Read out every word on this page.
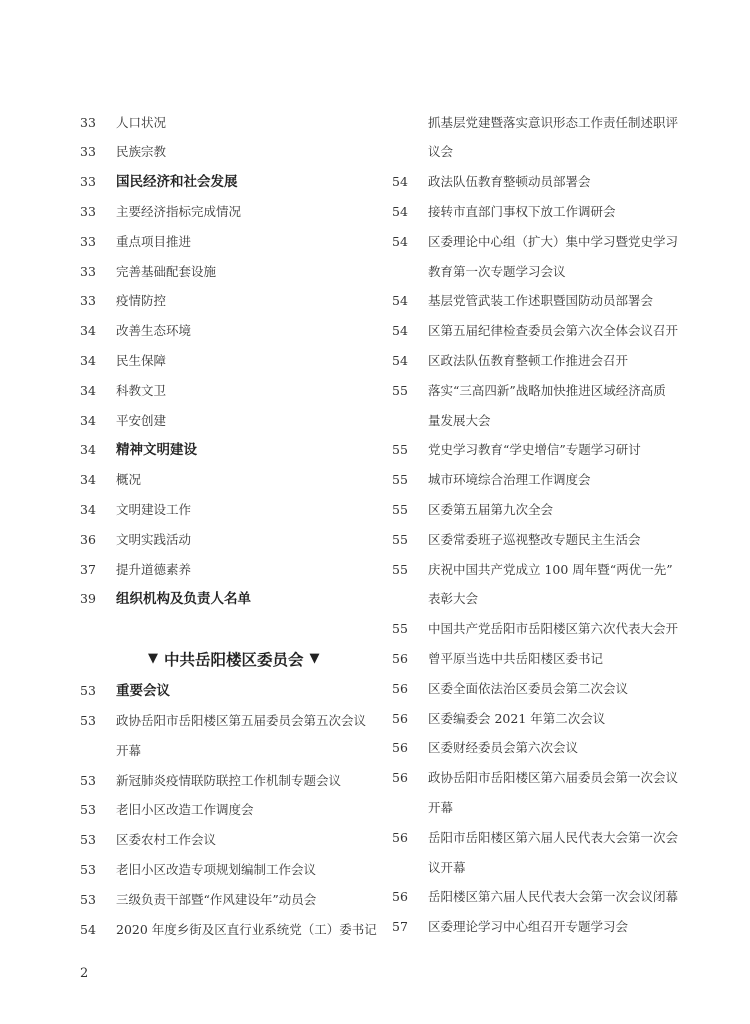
33	人口状况
33	民族宗教
33	国民经济和社会发展
33	主要经济指标完成情况
33	重点项目推进
33	完善基础配套设施
33	疫情防控
34	改善生态环境
34	民生保障
34	科教文卫
34	平安创建
34	精神文明建设
34	概况
34	文明建设工作
36	文明实践活动
37	提升道德素养
39	组织机构及负责人名单
▼ 中共岳阳楼区委员会 ▼
53	重要会议
53	政协岳阳市岳阳楼区第五届委员会第五次会议
开幕
53	新冠肺炎疫情联防联控工作机制专题会议
53	老旧小区改造工作调度会
53	区委农村工作会议
53	老旧小区改造专项规划编制工作会议
53	三级负责干部暨“作风建设年”动员会
54	2020 年度乡街及区直行业系统党（工）委书记
抓基层党建暨落实意识形态工作责任制述职评
议会
54	政法队伍教育整顿动员部署会
54	接转市直部门事权下放工作调研会
54	区委理论中心组（扩大）集中学习暨党史学习
教育第一次专题学习会议
54	基层党管武装工作述职暨国防动员部署会
54	区第五届纪律检查委员会第六次全体会议召开
54	区政法队伍教育整顿工作推进会召开
55	落实“三高四新”战略加快推进区域经济高质
量发展大会
55	党史学习教育“学史增信”专题学习研讨
55	城市环境综合治理工作调度会
55	区委第五届第九次全会
55	区委常委班子巡视整改专题民主生活会
55	庆祝中国共产党成立 100 周年暨“两优一先”
表彰大会
55	中国共产党岳阳市岳阳楼区第六次代表大会开
56	曾平原当选中共岳阳楼区委书记
56	区委全面依法治区委员会第二次会议
56	区委编委会 2021 年第二次会议
56	区委财经委员会第六次会议
56	政协岳阳市岳阳楼区第六届委员会第一次会议
开幕
56	岳阳市岳阳楼区第六届人民代表大会第一次会
议开幕
56	岳阳楼区第六届人民代表大会第一次会议闭幕
57	区委理论学习中心组召开专题学习会
2
